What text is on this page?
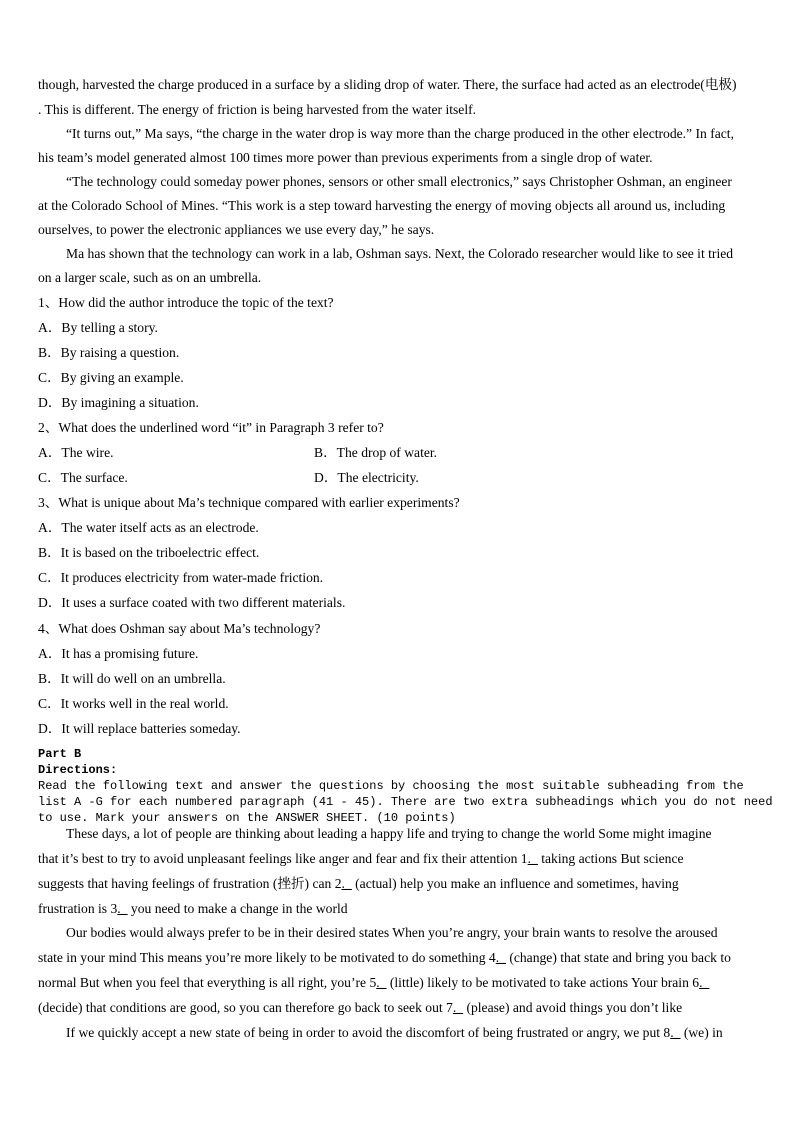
though, harvested the charge produced in a surface by a sliding drop of water. There, the surface had acted as an electrode(电极)
. This is different. The energy of friction is being harvested from the water itself.
“It turns out,” Ma says, “the charge in the water drop is way more than the charge produced in the other electrode.” In fact,
his team’s model generated almost 100 times more power than previous experiments from a single drop of water.
“The technology could someday power phones, sensors or other small electronics,” says Christopher Oshman, an engineer
at the Colorado School of Mines. “This work is a step toward harvesting the energy of moving objects all around us, including
ourselves, to power the electronic appliances we use every day,” he says.
Ma has shown that the technology can work in a lab, Oshman says. Next, the Colorado researcher would like to see it tried
on a larger scale, such as on an umbrella.
1、How did the author introduce the topic of the text?
A．By telling a story.
B．By raising a question.
C．By giving an example.
D．By imagining a situation.
2、What does the underlined word “it” in Paragraph 3 refer to?
A．The wire.	B．The drop of water.
C．The surface.	D．The electricity.
3、What is unique about Ma’s technique compared with earlier experiments?
A．The water itself acts as an electrode.
B．It is based on the triboelectric effect.
C．It produces electricity from water-made friction.
D．It uses a surface coated with two different materials.
4、What does Oshman say about Ma’s technology?
A．It has a promising future.
B．It will do well on an umbrella.
C．It works well in the real world.
D．It will replace batteries someday.
Part B
Directions:
Read the following text and answer the questions by choosing the most suitable subheading from the
list A -G for each numbered paragraph (41 - 45). There are two extra subheadings which you do not need
to use. Mark your answers on the ANSWER SHEET. (10 points)
These days, a lot of people are thinking about leading a happy life and trying to change the world Some might imagine
that it’s best to try to avoid unpleasant feelings like anger and fear and fix their attention 1._ taking actions But science
suggests that having feelings of frustration (挫折) can 2._ (actual) help you make an influence and sometimes, having
frustration is 3._ you need to make a change in the world
Our bodies would always prefer to be in their desired states When you’re angry, your brain wants to resolve the aroused
state in your mind This means you’re more likely to be motivated to do something 4._ (change) that state and bring you back to
normal But when you feel that everything is all right, you’re 5._ (little) likely to be motivated to take actions Your brain 6._
(decide) that conditions are good, so you can therefore go back to seek out 7._ (please) and avoid things you don’t like
If we quickly accept a new state of being in order to avoid the discomfort of being frustrated or angry, we put 8._ (we) in
